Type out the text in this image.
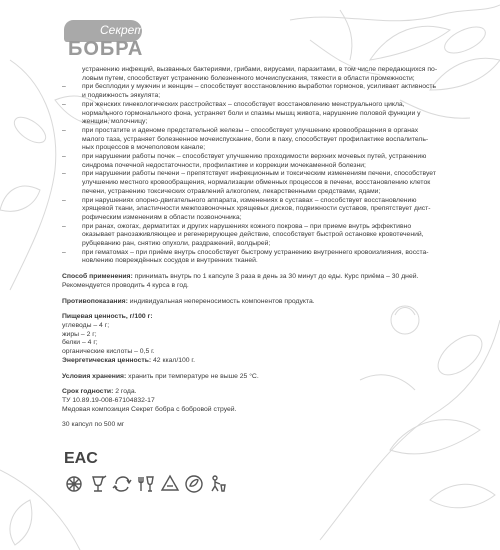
Секрет
БОБРА
устранению инфекций, вызванных бактериями, грибами, вирусами, паразитами, в том числе передающихся по-
ловым путем, способствует устранению болезненного мочеиспускания, тяжести в области промежности;
– при бесплодии у мужчин и женщин – способствует восстановлению выработки гормонов, усиливает активность
и подвижность эякулята;
– при женских гинекологических расстройствах – способствует восстановлению менструального цикла, нормального гормонального фона, устраняет боли и спазмы мышц живота, нарушение половой функции у женщин, молочницу;
– при простатите и аденоме предстательной железы – способствует улучшению кровообращения в органах
малого таза, устраняет болезненное мочеиспускание, боли в паху, способствует профилактике воспалитель-
ных процессов в мочеполовом канале;
– при нарушении работы почек – способствует улучшению проходимости верхних мочевых путей, устранению
синдрома почечной недостаточности, профилактике и коррекции мочекаменной болезни;
– при нарушении работы печени – препятствует инфекционным и токсическим изменениям печени, способствует
улучшению местного кровообращения, нормализации обменных процессов в печени, восстановлению клеток
печени, устранению токсических отравлений алкоголем, лекарственными средствами, ядами;
– при нарушениях опорно-двигательного аппарата, изменениях в суставах – способствует восстановлению
хрящевой ткани, эластичности межпозвоночных хрящевых дисков, подвижности суставов, препятствует дист-
рофическим изменениям в области позвоночника;
– при ранах, ожогах, дерматитах и других нарушениях кожного покрова – при приеме внутрь эффективно
оказывает ранозаживляющее и регенерирующее действие, способствует быстрой остановке кровотечений,
рубцеванию ран, снятию опухоли, раздражений, волдырей;
– при гематомах – при приёме внутрь способствует быстрому устранению внутреннего кровоизлияния, восста-
новлению повреждённых сосудов и внутренних тканей.
Способ применения: принимать внутрь по 1 капсуле 3 раза в день за 30 минут до еды. Курс приёма – 30 дней.
Рекомендуется проводить 4 курса в год.
Противопоказания: индивидуальная непереносимость компонентов продукта.
Пищевая ценность, г/100 г:
углеводы – 4 г;
жиры – 2 г;
белки – 4 г;
органические кислоты – 0,5 г.
Энергетическая ценность: 42 ккал/100 г.
Условия хранения: хранить при температуре не выше 25 °С.
Срок годности: 2 года.
ТУ 10.89.19-008-67104832-17
Медовая композиция Секрет бобра с бобровой струей.
30 капсул по 500 мг
EAC
